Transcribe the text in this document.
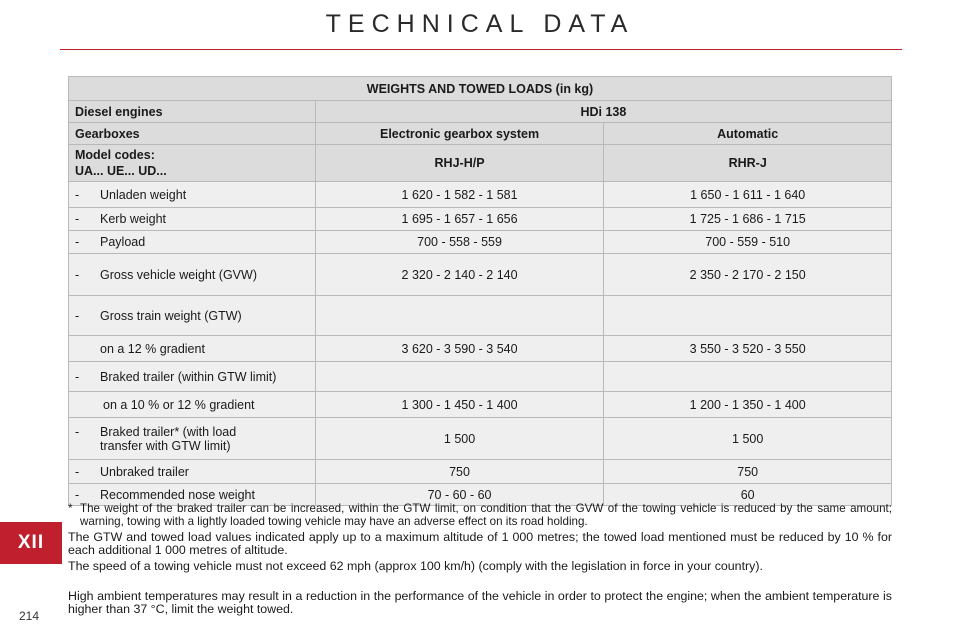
TECHNICAL DATA
XII
214
WEIGHTS AND TOWED LOADS (in kg)		
Diesel engines	HDi 138	
Gearboxes	Electronic gearbox system	Automatic

Model codes:
UA... UE... UD...	RHJ-H/P	RHR-J
- Unladen weight	1 620 - 1 582 - 1 581	1 650 - 1 611 - 1 640
- Kerb weight	1 695 - 1 657 - 1 656	1 725 - 1 686 - 1 715
- Payload	700 - 558 - 559	700 - 559 - 510
- Gross vehicle weight (GVW)	2 320 - 2 140 - 2 140	2 350 - 2 170 - 2 150
- Gross train weight (GTW)		
on a 12 % gradient	3 620 - 3 590 - 3 540	3 550 - 3 520 - 3 550
- Braked trailer (within GTW limit)		
on a 10 % or 12 % gradient	1 300 - 1 450 - 1 400	1 200 - 1 350 - 1 400

- Braked trailer* (with load
transfer with GTW limit)	1 500	1 500
- Unbraked trailer	750	750
- Recommended nose weight	70 - 60 - 60	60
* The weight of the braked trailer can be increased, within the GTW limit, on condition that the GVW of the towing vehicle is reduced by the same amount; warning, towing with a lightly loaded towing vehicle may have an adverse effect on its road holding.
The GTW and towed load values indicated apply up to a maximum altitude of 1 000 metres; the towed load mentioned must be reduced by 10 % for each additional 1 000 metres of altitude.
The speed of a towing vehicle must not exceed 62 mph (approx 100 km/h) (comply with the legislation in force in your country).
High ambient temperatures may result in a reduction in the performance of the vehicle in order to protect the engine; when the ambient temperature is higher than 37 °C, limit the weight towed.
